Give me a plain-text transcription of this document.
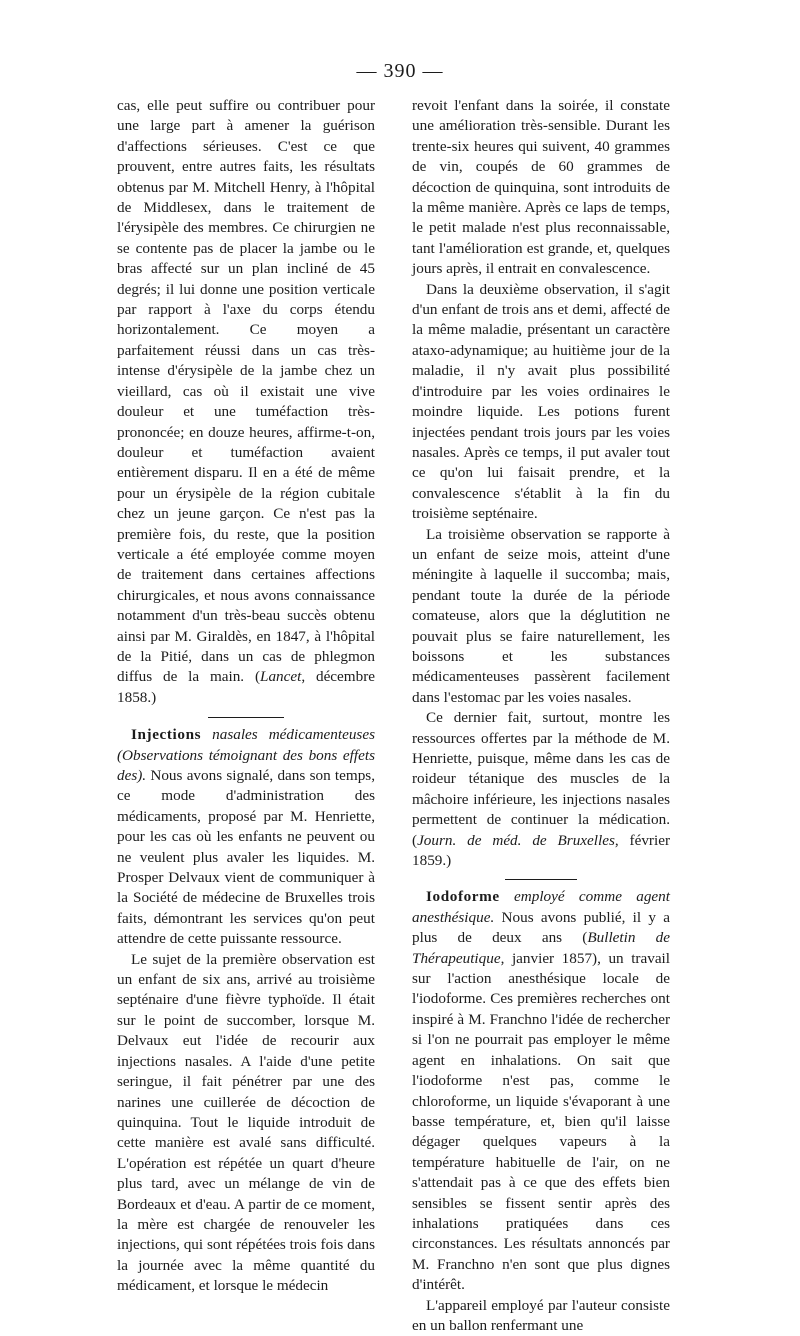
— 390 —

cas, elle peut suffire ou contribuer pour une large part à amener la guérison d'affections sérieuses. C'est ce que prouvent, entre autres faits, les résultats obtenus par M. Mitchell Henry, à l'hôpital de Middlesex, dans le traitement de l'érysipèle des membres. Ce chirurgien ne se contente pas de placer la jambe ou le bras affecté sur un plan incliné de 45 degrés; il lui donne une position verticale par rapport à l'axe du corps étendu horizontalement. Ce moyen a parfaitement réussi dans un cas très-intense d'érysipèle de la jambe chez un vieillard, cas où il existait une vive douleur et une tuméfaction très-prononcée; en douze heures, affirme-t-on, douleur et tuméfaction avaient entièrement disparu. Il en a été de même pour un érysipèle de la région cubitale chez un jeune garçon. Ce n'est pas la première fois, du reste, que la position verticale a été employée comme moyen de traitement dans certaines affections chirurgicales, et nous avons connaissance notamment d'un très-beau succès obtenu ainsi par M. Giraldès, en 1847, à l'hôpital de la Pitié, dans un cas de phlegmon diffus de la main. (Lancet, décembre 1858.)

Injections nasales médicamenteuses (Observations témoignant des bons effets des). Nous avons signalé, dans son temps, ce mode d'administration des médicaments, proposé par M. Henriette, pour les cas où les enfants ne peuvent ou ne veulent plus avaler les liquides. M. Prosper Delvaux vient de communiquer à la Société de médecine de Bruxelles trois faits, démontrant les services qu'on peut attendre de cette puissante ressource.

Le sujet de la première observation est un enfant de six ans, arrivé au troisième septénaire d'une fièvre typhoïde. Il était sur le point de succomber, lorsque M. Delvaux eut l'idée de recourir aux injections nasales. A l'aide d'une petite seringue, il fait pénétrer par une des narines une cuillerée de décoction de quinquina. Tout le liquide introduit de cette manière est avalé sans difficulté. L'opération est répétée un quart d'heure plus tard, avec un mélange de vin de Bordeaux et d'eau. A partir de ce moment, la mère est chargée de renouveler les injections, qui sont répétées trois fois dans la journée avec la même quantité du médicament, et lorsque le médecin

revoit l'enfant dans la soirée, il constate une amélioration très-sensible. Durant les trente-six heures qui suivent, 40 grammes de vin, coupés de 60 grammes de décoction de quinquina, sont introduits de la même manière. Après ce laps de temps, le petit malade n'est plus reconnaissable, tant l'amélioration est grande, et, quelques jours après, il entrait en convalescence.

Dans la deuxième observation, il s'agit d'un enfant de trois ans et demi, affecté de la même maladie, présentant un caractère ataxo-adynamique; au huitième jour de la maladie, il n'y avait plus possibilité d'introduire par les voies ordinaires le moindre liquide. Les potions furent injectées pendant trois jours par les voies nasales. Après ce temps, il put avaler tout ce qu'on lui faisait prendre, et la convalescence s'établit à la fin du troisième septénaire.

La troisième observation se rapporte à un enfant de seize mois, atteint d'une méningite à laquelle il succomba; mais, pendant toute la durée de la période comateuse, alors que la déglutition ne pouvait plus se faire naturellement, les boissons et les substances médicamenteuses passèrent facilement dans l'estomac par les voies nasales.

Ce dernier fait, surtout, montre les ressources offertes par la méthode de M. Henriette, puisque, même dans les cas de roideur tétanique des muscles de la mâchoire inférieure, les injections nasales permettent de continuer la médication. (Journ. de méd. de Bruxelles, février 1859.)

Iodoforme employé comme agent anesthésique. Nous avons publié, il y a plus de deux ans (Bulletin de Thérapeutique, janvier 1857), un travail sur l'action anesthésique locale de l'iodoforme. Ces premières recherches ont inspiré à M. Franchno l'idée de rechercher si l'on ne pourrait pas employer le même agent en inhalations. On sait que l'iodoforme n'est pas, comme le chloroforme, un liquide s'évaporant à une basse température, et, bien qu'il laisse dégager quelques vapeurs à la température habituelle de l'air, on ne s'attendait pas à ce que des effets bien sensibles se fissent sentir après des inhalations pratiquées dans ces circonstances. Les résultats annoncés par M. Franchno n'en sont que plus dignes d'intérêt.

L'appareil employé par l'auteur consiste en un ballon renfermant une
